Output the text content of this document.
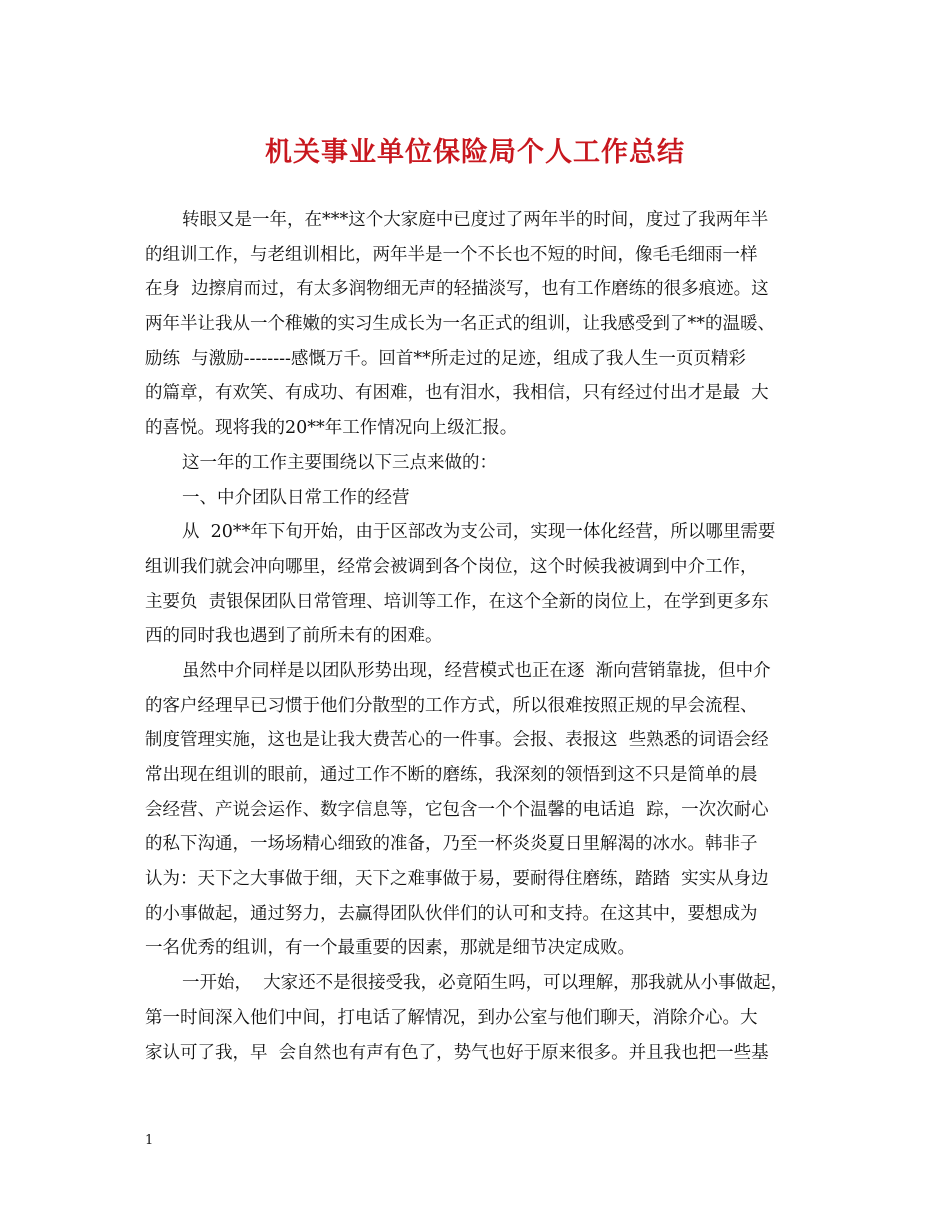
机关事业单位保险局个人工作总结
转眼又是一年，在***这个大家庭中已度过了两年半的时间，度过了我两年半
的组训工作，与老组训相比，两年半是一个不长也不短的时间，像毛毛细雨一样
在身  边擦肩而过，有太多润物细无声的轻描淡写，也有工作磨练的很多痕迹。这
两年半让我从一个稚嫩的实习生成长为一名正式的组训，让我感受到了**的温暖、
励练  与激励--------感慨万千。回首**所走过的足迹，组成了我人生一页页精彩
的篇章，有欢笑、有成功、有困难，也有泪水，我相信，只有经过付出才是最  大
的喜悦。现将我的20**年工作情况向上级汇报。
这一年的工作主要围绕以下三点来做的：
一、中介团队日常工作的经营
从  20**年下旬开始，由于区部改为支公司，实现一体化经营，所以哪里需要
组训我们就会冲向哪里，经常会被调到各个岗位，这个时候我被调到中介工作，
主要负  责银保团队日常管理、培训等工作，在这个全新的岗位上，在学到更多东
西的同时我也遇到了前所未有的困难。
虽然中介同样是以团队形势出现，经营模式也正在逐  渐向营销靠拢，但中介
的客户经理早已习惯于他们分散型的工作方式，所以很难按照正规的早会流程、
制度管理实施，这也是让我大费苦心的一件事。会报、表报这  些熟悉的词语会经
常出现在组训的眼前，通过工作不断的磨练，我深刻的领悟到这不只是简单的晨
会经营、产说会运作、数字信息等，它包含一个个温馨的电话追  踪，一次次耐心
的私下沟通，一场场精心细致的准备，乃至一杯炎炎夏日里解渴的冰水。韩非子
认为：天下之大事做于细，天下之难事做于易，要耐得住磨练，踏踏  实实从身边
的小事做起，通过努力，去赢得团队伙伴们的认可和支持。在这其中，要想成为
一名优秀的组训，有一个最重要的因素，那就是细节决定成败。
一开始，  大家还不是很接受我，必竟陌生吗，可以理解，那我就从小事做起，
第一时间深入他们中间，打电话了解情况，到办公室与他们聊天，消除介心。大
家认可了我，早  会自然也有声有色了，势气也好于原来很多。并且我也把一些基
1
